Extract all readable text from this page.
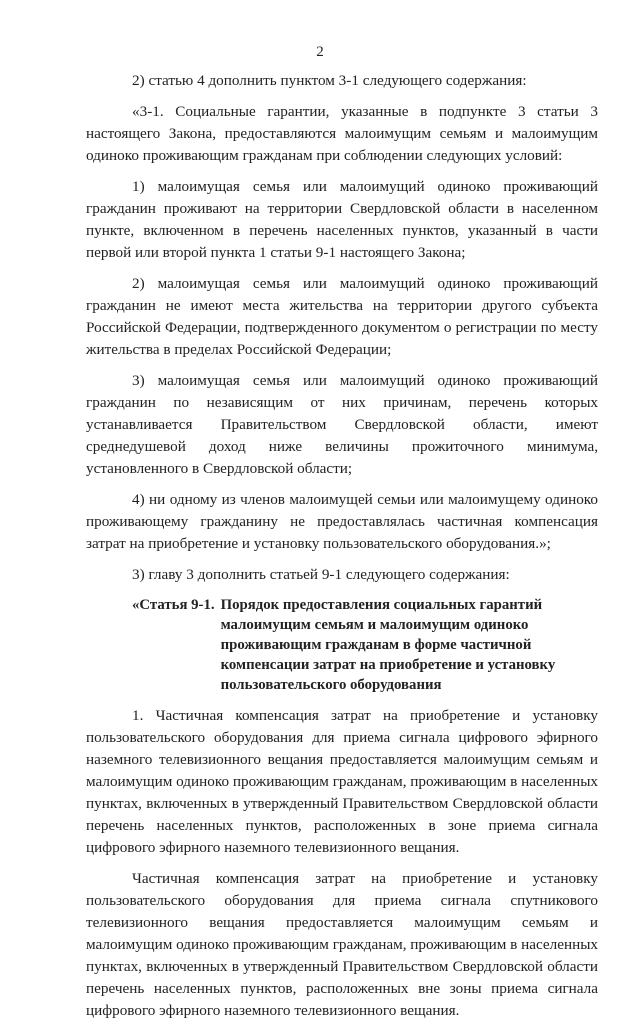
2

2) статью 4 дополнить пунктом 3-1 следующего содержания:

«3-1. Социальные гарантии, указанные в подпункте 3 статьи 3 настоящего Закона, предоставляются малоимущим семьям и малоимущим одиноко проживающим гражданам при соблюдении следующих условий:

1) малоимущая семья или малоимущий одиноко проживающий гражданин проживают на территории Свердловской области в населенном пункте, включенном в перечень населенных пунктов, указанный в части первой или второй пункта 1 статьи 9-1 настоящего Закона;

2) малоимущая семья или малоимущий одиноко проживающий гражданин не имеют места жительства на территории другого субъекта Российской Федерации, подтвержденного документом о регистрации по месту жительства в пределах Российской Федерации;

3) малоимущая семья или малоимущий одиноко проживающий гражданин по независящим от них причинам, перечень которых устанавливается Правительством Свердловской области, имеют среднедушевой доход ниже величины прожиточного минимума, установленного в Свердловской области;

4) ни одному из членов малоимущей семьи или малоимущему одиноко проживающему гражданину не предоставлялась частичная компенсация затрат на приобретение и установку пользовательского оборудования.»;

3) главу 3 дополнить статьей 9-1 следующего содержания:

«Статья 9-1. Порядок предоставления социальных гарантий малоимущим семьям и малоимущим одиноко проживающим гражданам в форме частичной компенсации затрат на приобретение и установку пользовательского оборудования

1. Частичная компенсация затрат на приобретение и установку пользовательского оборудования для приема сигнала цифрового эфирного наземного телевизионного вещания предоставляется малоимущим семьям и малоимущим одиноко проживающим гражданам, проживающим в населенных пунктах, включенных в утвержденный Правительством Свердловской области перечень населенных пунктов, расположенных в зоне приема сигнала цифрового эфирного наземного телевизионного вещания.

Частичная компенсация затрат на приобретение и установку пользовательского оборудования для приема сигнала спутникового телевизионного вещания предоставляется малоимущим семьям и малоимущим одиноко проживающим гражданам, проживающим в населенных пунктах, включенных в утвержденный Правительством Свердловской области перечень населенных пунктов, расположенных вне зоны приема сигнала цифрового эфирного наземного телевизионного вещания.
